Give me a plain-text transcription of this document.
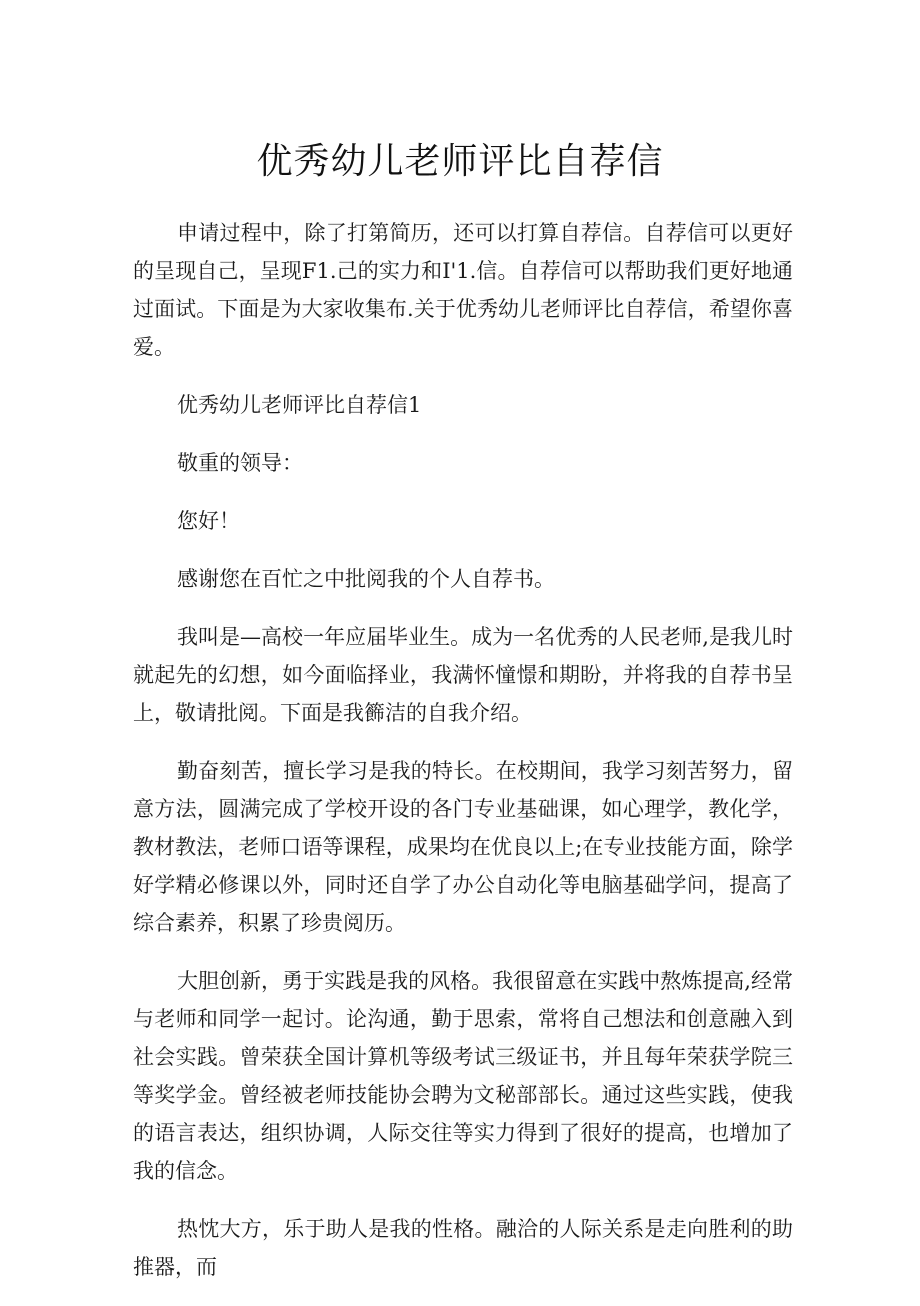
优秀幼儿老师评比自荐信

申请过程中，除了打第简历，还可以打算自荐信。自荐信可以更好的呈现自己，呈现F1.己的实力和I'1.信。自荐信可以帮助我们更好地通过面试。下面是为大家收集布.关于优秀幼儿老师评比自荐信，希望你喜爱。

优秀幼儿老师评比自荐信1

敬重的领导：

您好！

感谢您在百忙之中批阅我的个人自荐书。

我叫是—高校一年应届毕业生。成为一名优秀的人民老师,是我儿时就起先的幻想，如今面临择业，我满怀憧憬和期盼，并将我的自荐书呈上，敬请批阅。下面是我籂洁的自我介绍。

勤奋刻苦，擅长学习是我的特长。在校期间，我学习刻苦努力，留意方法，圆满完成了学校开设的各门专业基础课，如心理学，教化学，教材教法，老师口语等课程，成果均在优良以上;在专业技能方面，除学好学精必修课以外，同时还自学了办公自动化等电脑基础学问，提高了综合素养，积累了珍贵阅历。

大胆创新，勇于实践是我的风格。我很留意在实践中熬炼提高,经常与老师和同学一起讨。论沟通，勤于思索，常将自己想法和创意融入到社会实践。曾荣获全国计算机等级考试三级证书，并且每年荣获学院三等奖学金。曾经被老师技能协会聘为文秘部部长。通过这些实践，使我的语言表达，组织协调，人际交往等实力得到了很好的提高，也增加了我的信念。

热忱大方，乐于助人是我的性格。融洽的人际关系是走向胜利的助推器，而
